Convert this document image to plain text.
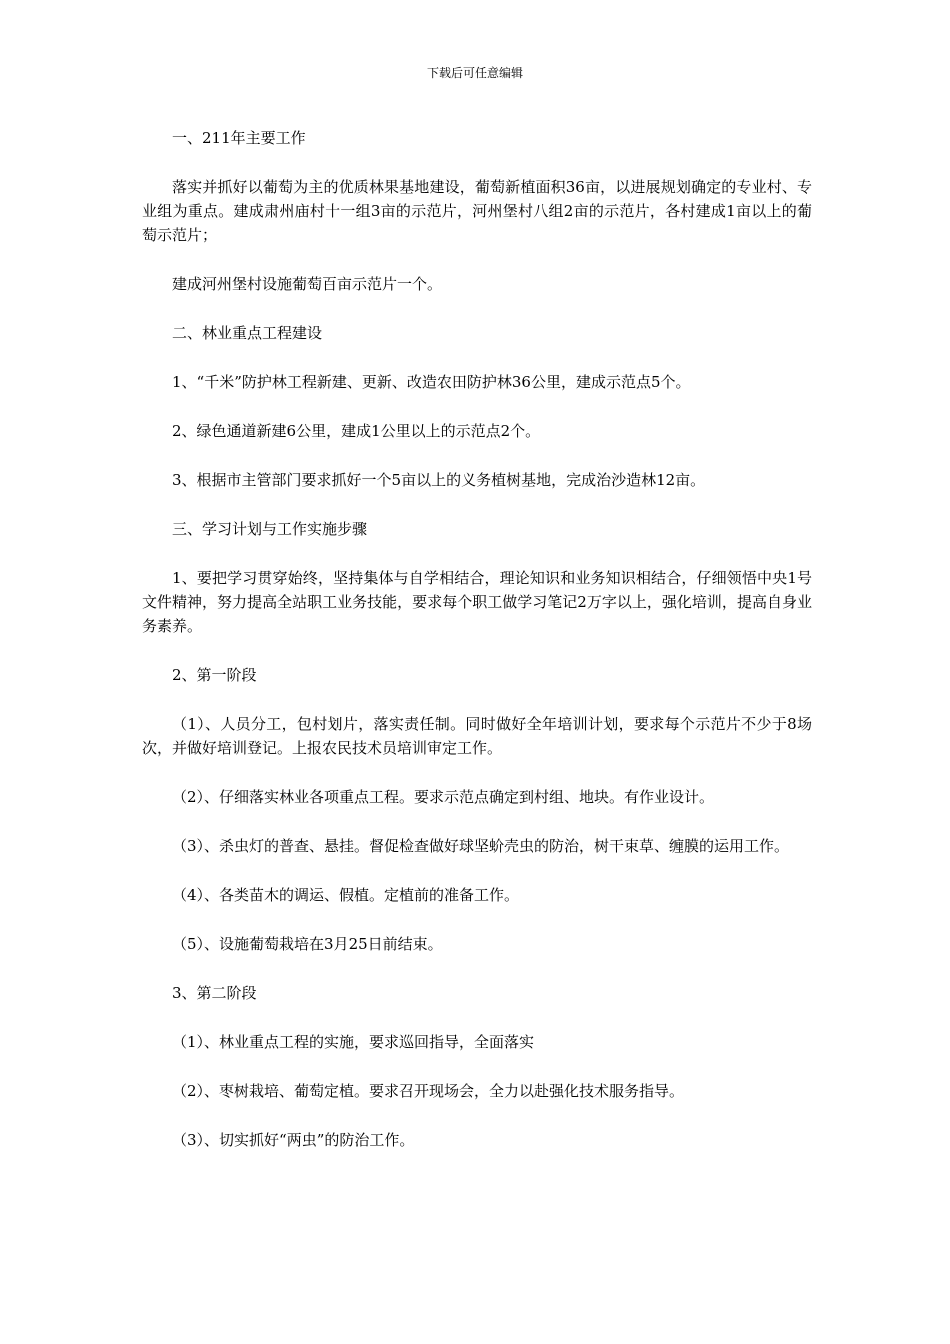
下载后可任意编辑

一、211年主要工作

落实并抓好以葡萄为主的优质林果基地建设，葡萄新植面积36亩，以进展规划确定的专业村、专业组为重点。建成肃州庙村十一组3亩的示范片，河州堡村八组2亩的示范片，各村建成1亩以上的葡萄示范片；

建成河州堡村设施葡萄百亩示范片一个。

二、林业重点工程建设

1、“千米”防护林工程新建、更新、改造农田防护林36公里，建成示范点5个。

2、绿色通道新建6公里，建成1公里以上的示范点2个。

3、根据市主管部门要求抓好一个5亩以上的义务植树基地，完成治沙造林12亩。

三、学习计划与工作实施步骤

1、要把学习贯穿始终，坚持集体与自学相结合，理论知识和业务知识相结合，仔细领悟中央1号文件精神，努力提高全站职工业务技能，要求每个职工做学习笔记2万字以上，强化培训，提高自身业务素养。

2、第一阶段

（1）、人员分工，包村划片，落实责任制。同时做好全年培训计划，要求每个示范片不少于8场次，并做好培训登记。上报农民技术员培训审定工作。

（2）、仔细落实林业各项重点工程。要求示范点确定到村组、地块。有作业设计。

（3）、杀虫灯的普查、悬挂。督促检查做好球坚蚧壳虫的防治，树干束草、缠膜的运用工作。

（4）、各类苗木的调运、假植。定植前的准备工作。

（5）、设施葡萄栽培在3月25日前结束。

3、第二阶段

（1）、林业重点工程的实施，要求巡回指导，全面落实

（2）、枣树栽培、葡萄定植。要求召开现场会，全力以赴强化技术服务指导。

（3）、切实抓好“两虫”的防治工作。
